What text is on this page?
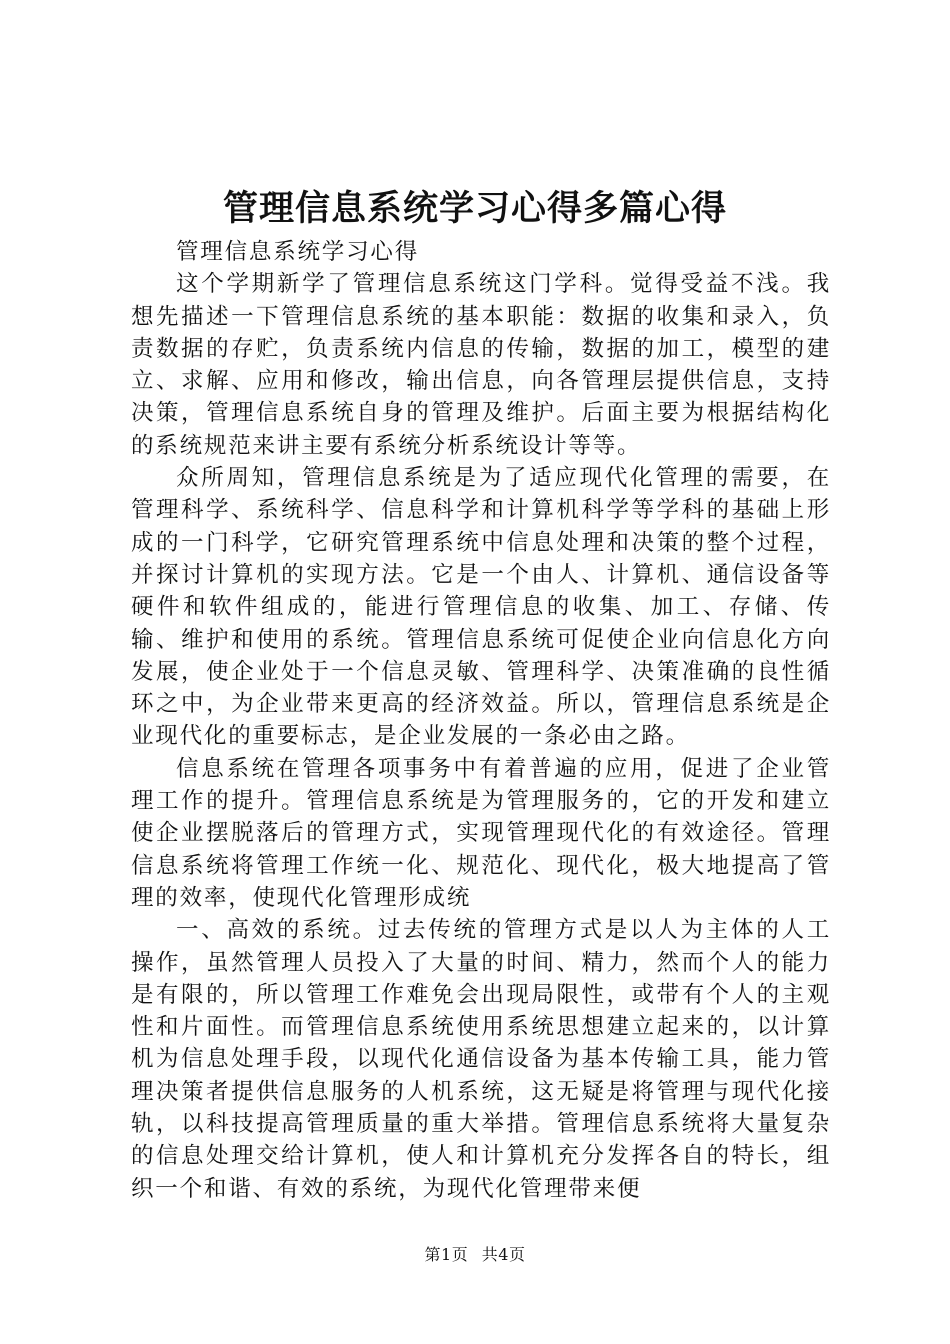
管理信息系统学习心得多篇心得

管理信息系统学习心得

这个学期新学了管理信息系统这门学科。觉得受益不浅。我想先描述一下管理信息系统的基本职能：数据的收集和录入，负责数据的存贮，负责系统内信息的传输，数据的加工，模型的建立、求解、应用和修改，输出信息，向各管理层提供信息，支持决策，管理信息系统自身的管理及维护。后面主要为根据结构化的系统规范来讲主要有系统分析系统设计等等。

众所周知，管理信息系统是为了适应现代化管理的需要，在管理科学、系统科学、信息科学和计算机科学等学科的基础上形成的一门科学，它研究管理系统中信息处理和决策的整个过程，并探讨计算机的实现方法。它是一个由人、计算机、通信设备等硬件和软件组成的，能进行管理信息的收集、加工、存储、传输、维护和使用的系统。管理信息系统可促使企业向信息化方向发展，使企业处于一个信息灵敏、管理科学、决策准确的良性循环之中，为企业带来更高的经济效益。所以，管理信息系统是企业现代化的重要标志，是企业发展的一条必由之路。

信息系统在管理各项事务中有着普遍的应用，促进了企业管理工作的提升。管理信息系统是为管理服务的，它的开发和建立使企业摆脱落后的管理方式，实现管理现代化的有效途径。管理信息系统将管理工作统一化、规范化、现代化，极大地提高了管理的效率，使现代化管理形成统

一、高效的系统。过去传统的管理方式是以人为主体的人工操作，虽然管理人员投入了大量的时间、精力，然而个人的能力是有限的，所以管理工作难免会出现局限性，或带有个人的主观性和片面性。而管理信息系统使用系统思想建立起来的，以计算机为信息处理手段，以现代化通信设备为基本传输工具，能力管理决策者提供信息服务的人机系统，这无疑是将管理与现代化接轨，以科技提高管理质量的重大举措。管理信息系统将大量复杂的信息处理交给计算机，使人和计算机充分发挥各自的特长，组织一个和谐、有效的系统，为现代化管理带来便

第1页 共4页
